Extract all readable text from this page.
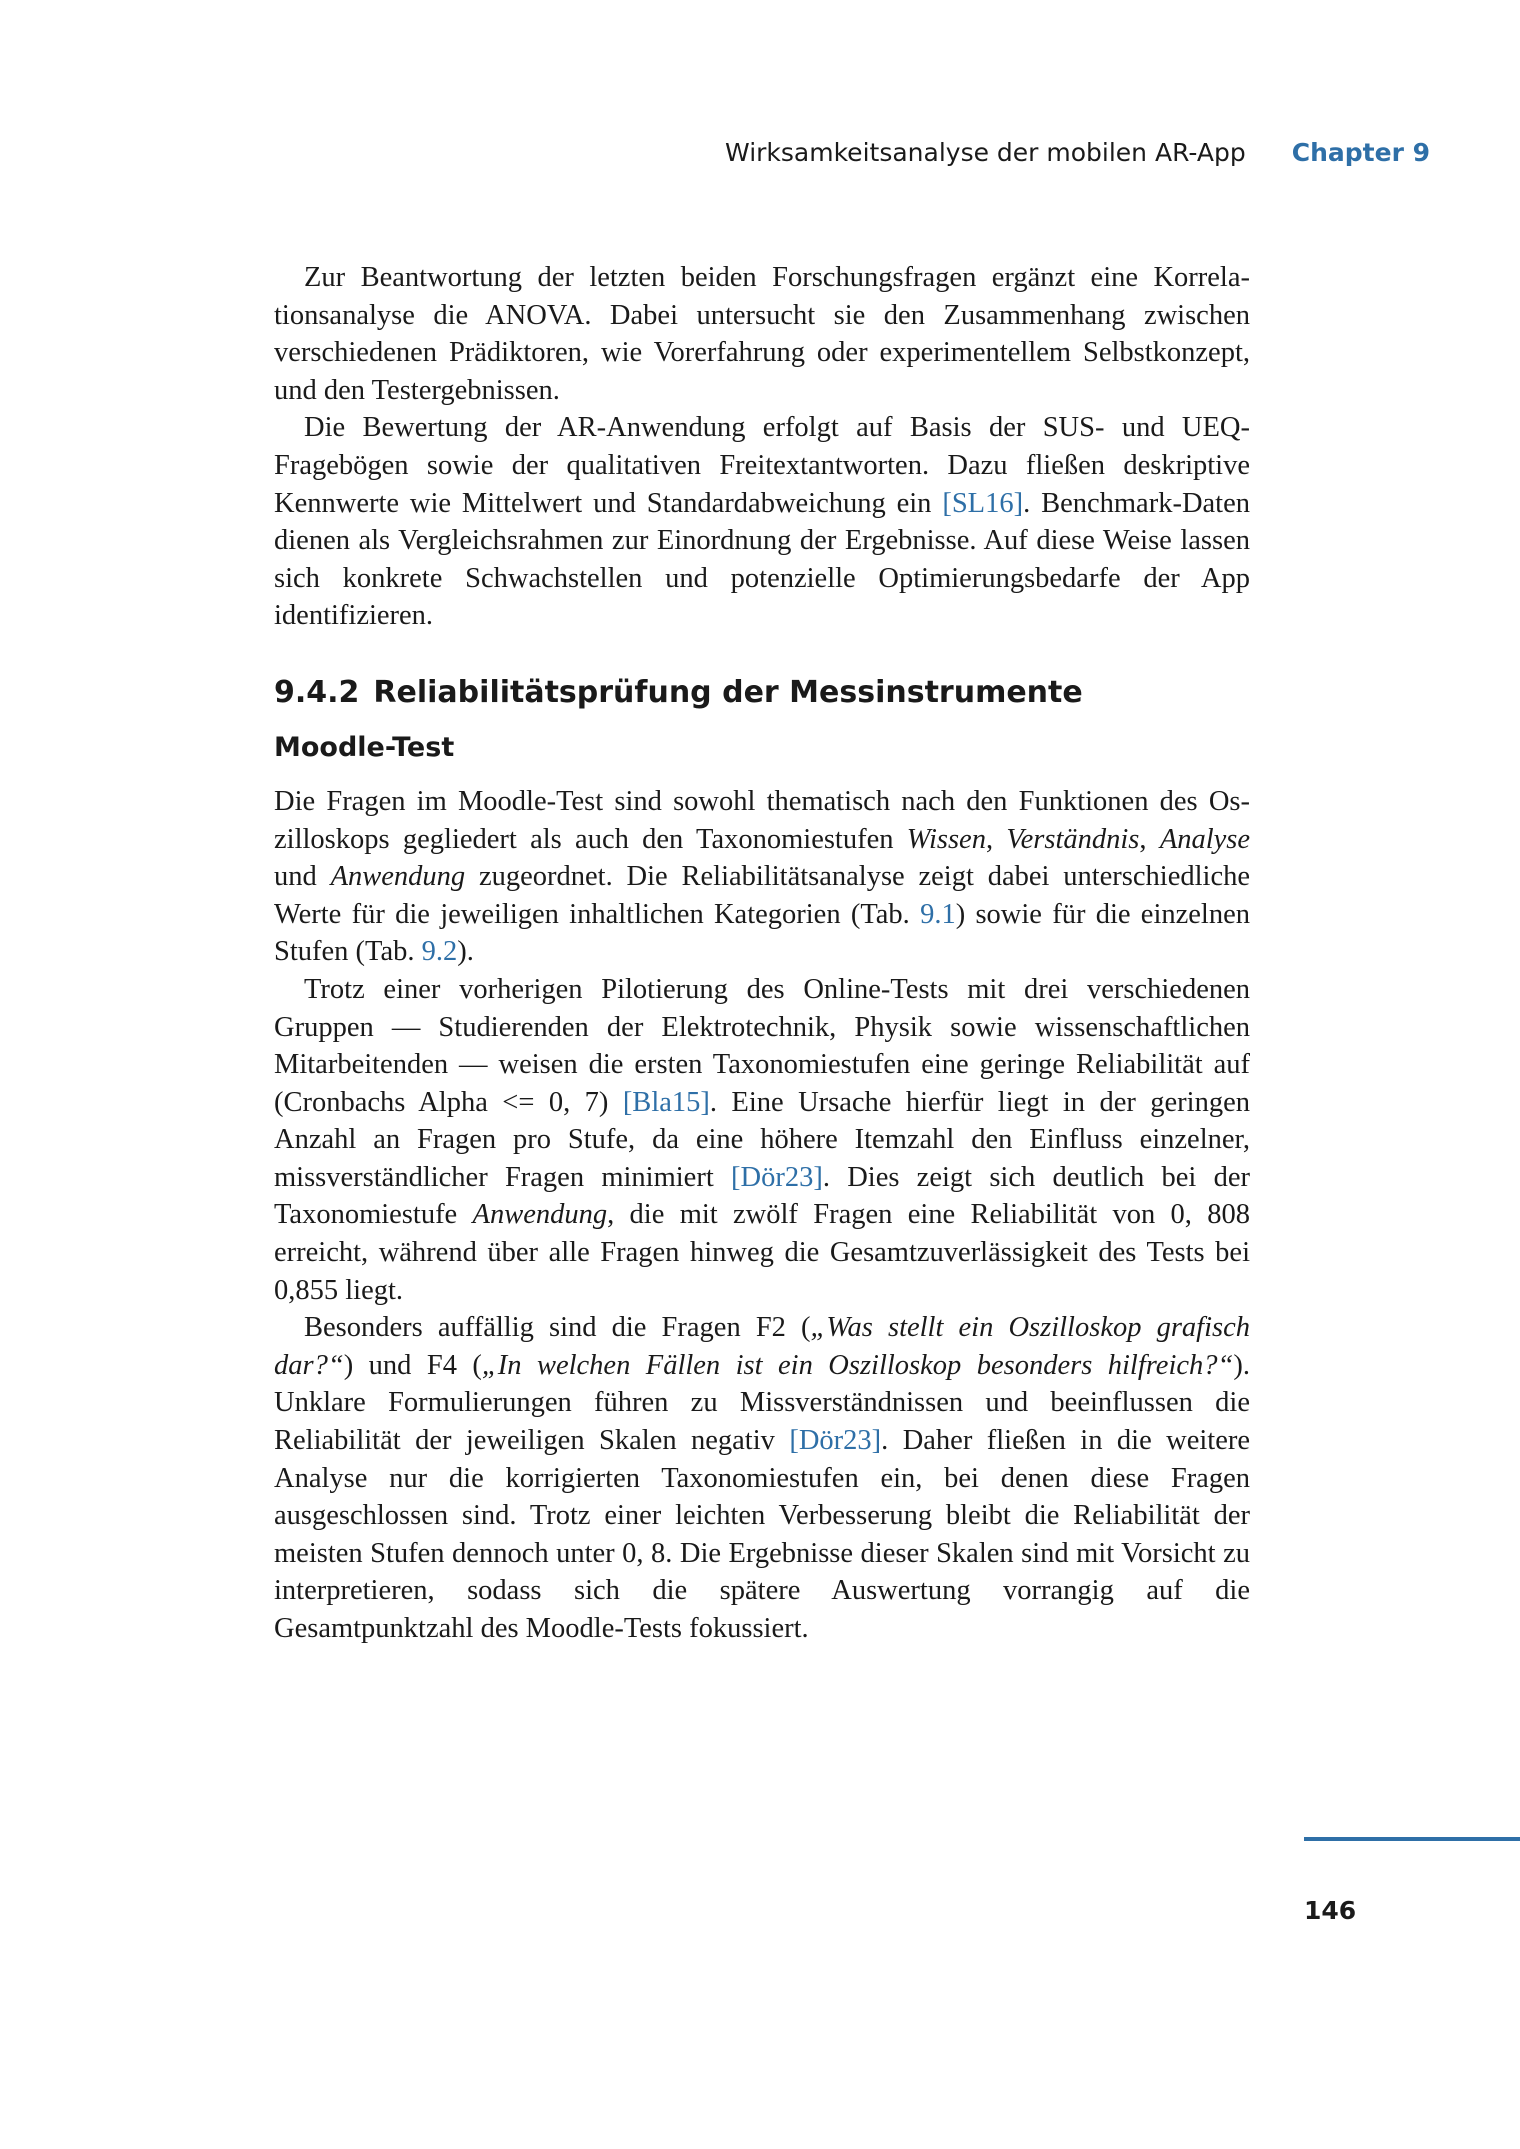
Wirksamkeitsanalyse der mobilen AR-App Chapter 9

Zur Beantwortung der letzten beiden Forschungsfragen ergänzt eine Korrelationsanalyse die ANOVA. Dabei untersucht sie den Zusammenhang zwischen verschiedenen Prädiktoren, wie Vorerfahrung oder experimentellem Selbstkonzept, und den Testergebnissen.

Die Bewertung der AR-Anwendung erfolgt auf Basis der SUS- und UEQ-Fragebögen sowie der qualitativen Freitextantworten. Dazu fließen deskriptive Kennwerte wie Mittelwert und Standardabweichung ein [SL16]. Benchmark-Daten dienen als Vergleichsrahmen zur Einordnung der Ergebnisse. Auf diese Weise lassen sich konkrete Schwachstellen und potenzielle Optimierungsbedarfe der App identifizieren.

9.4.2 Reliabilitätsprüfung der Messinstrumente
Moodle-Test

Die Fragen im Moodle-Test sind sowohl thematisch nach den Funktionen des Oszilloskops gegliedert als auch den Taxonomiestufen Wissen, Verständnis, Analyse und Anwendung zugeordnet. Die Reliabilitätsanalyse zeigt dabei unterschiedliche Werte für die jeweiligen inhaltlichen Kategorien (Tab. 9.1) sowie für die einzelnen Stufen (Tab. 9.2).

Trotz einer vorherigen Pilotierung des Online-Tests mit drei verschiedenen Gruppen — Studierenden der Elektrotechnik, Physik sowie wissenschaftlichen Mitarbeitenden — weisen die ersten Taxonomiestufen eine geringe Reliabilität auf (Cronbachs Alpha <= 0, 7) [Bla15]. Eine Ursache hierfür liegt in der geringen Anzahl an Fragen pro Stufe, da eine höhere Itemzahl den Einfluss einzelner, missverständlicher Fragen minimiert [Dör23]. Dies zeigt sich deutlich bei der Taxonomiestufe Anwendung, die mit zwölf Fragen eine Reliabilität von 0, 808 erreicht, während über alle Fragen hinweg die Gesamtzuverlässigkeit des Tests bei 0,855 liegt.

Besonders auffällig sind die Fragen F2 („Was stellt ein Oszilloskop grafisch dar?“) und F4 („In welchen Fällen ist ein Oszilloskop besonders hilfreich?“). Unklare Formulierungen führen zu Missverständnissen und beeinflussen die Reliabilität der jeweiligen Skalen negativ [Dör23]. Daher fließen in die weitere Analyse nur die korrigierten Taxonomiestufen ein, bei denen diese Fragen ausgeschlossen sind. Trotz einer leichten Verbesserung bleibt die Reliabilität der meisten Stufen dennoch unter 0, 8. Die Ergebnisse dieser Skalen sind mit Vorsicht zu interpretieren, sodass sich die spätere Auswertung vorrangig auf die Gesamtpunktzahl des Moodle-Tests fokussiert.

146
